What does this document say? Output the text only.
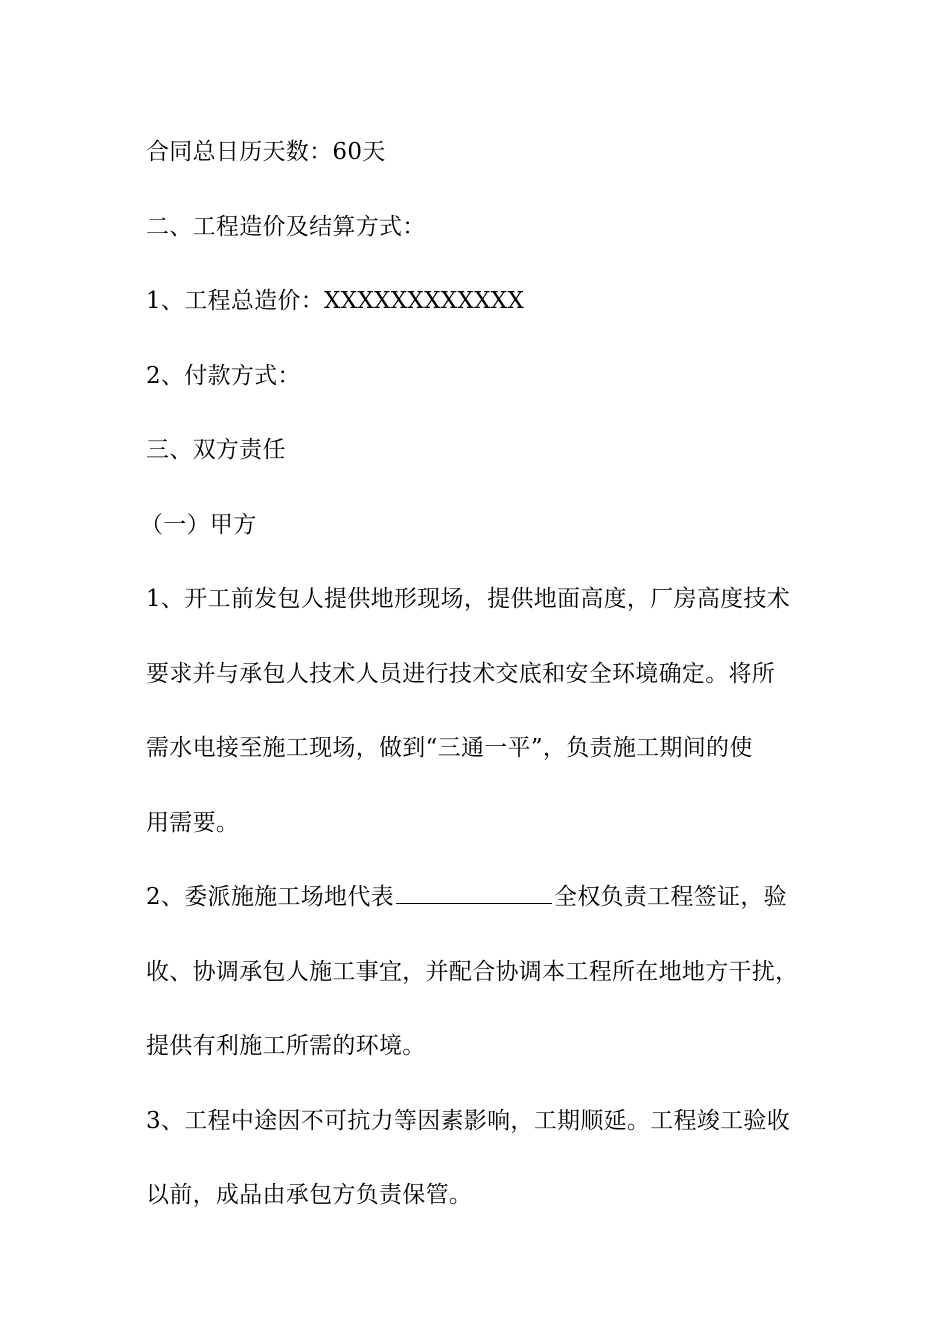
合同总日历天数：60天
二、工程造价及结算方式：
1、工程总造价：XXXXXXXXXXXX
2、付款方式：
三、双方责任
（一）甲方
1、开工前发包人提供地形现场，提供地面高度，厂房高度技术
要求并与承包人技术人员进行技术交底和安全环境确定。将所
需水电接至施工现场，做到“三通一平”，负责施工期间的使
用需要。
2、委派施施工场地代表	全权负责工程签证，验
收、协调承包人施工事宜，并配合协调本工程所在地地方干扰，
提供有利施工所需的环境。
3、工程中途因不可抗力等因素影响，工期顺延。工程竣工验收
以前，成品由承包方负责保管。
